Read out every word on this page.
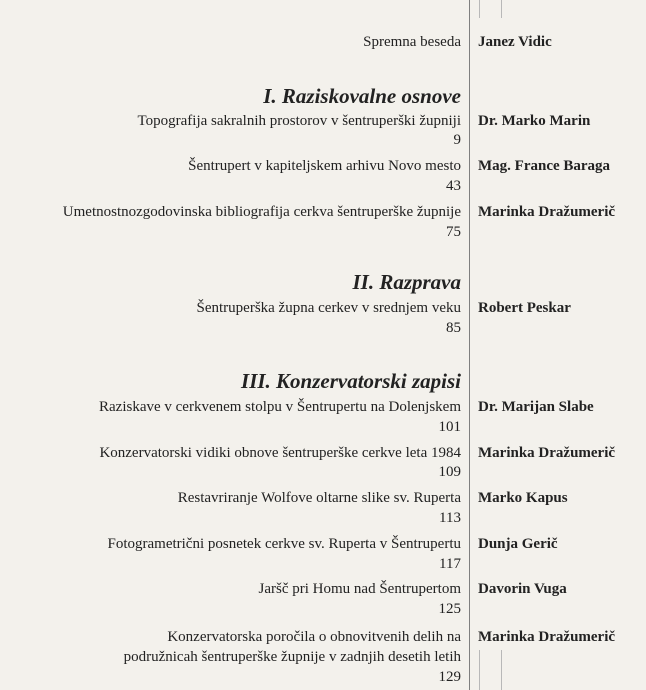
Spremna beseda Janez Vidic
I. Raziskovalne osnove
Topografija sakralnih prostorov v šentruperški župniji
9
Dr. Marko Marin
Šentrupert v kapiteljskem arhivu Novo mesto
43
Mag. France Baraga
Umetnostnozgodovinska bibliografija cerkva šentruperške župnije
75
Marinka Dražumerič
II. Razprava
Šentruperška župna cerkev v srednjem veku
85
Robert Peskar
III. Konzervatorski zapisi
Raziskave v cerkvenem stolpu v Šentrupertu na Dolenjskem
101
Dr. Marijan Slabe
Konzervatorski vidiki obnove šentruperške cerkve leta 1984
109
Marinka Dražumerič
Restavriranje Wolfove oltarne slike sv. Ruperta
113
Marko Kapus
Fotogrametrični posnetek cerkve sv. Ruperta v Šentrupertu
117
Dunja Gerič
Jaršč pri Homu nad Šentrupertom
125
Davorin Vuga
Konzervatorska poročila o obnovitvenih delih na
podružnicah šentruperške župnije v zadnjih desetih letih
129
Marinka Dražumerič
